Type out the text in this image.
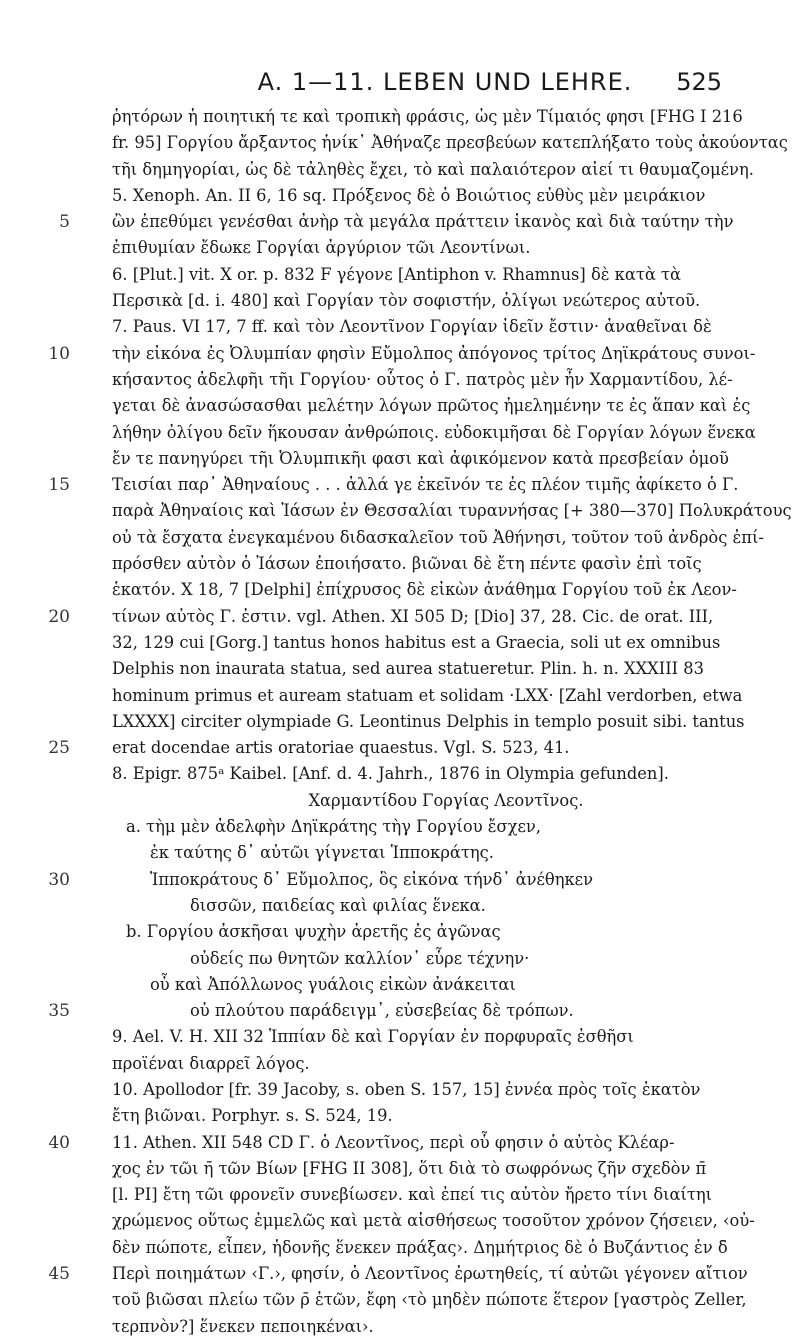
A. 1—11. LEBEN UND LEHRE.	525
ῥητόρων ἡ ποιητική τε καὶ τροπικὴ φράσις, ὡς μὲν Τίμαιός φησι [FHG I 216
fr. 95] Γοργίου ἄρξαντος ἡνίκ᾽ Ἀθήναζε πρεσβεύων κατεπλήξατο τοὺς ἀκούοντας
τῆι δημηγορίαι, ὡς δὲ τἀληθὲς ἔχει, τὸ καὶ παλαιότερον αἰεί τι θαυμαζομένη.
5. Xenoph. An. II 6, 16 sq. Πρόξενος δὲ ὁ Βοιώτιος εὐθὺς μὲν μειράκιον
5	ὢν ἐπεθύμει γενέσθαι ἀνὴρ τὰ μεγάλα πράττειν ἱκανὸς καὶ διὰ ταύτην τὴν
ἐπιθυμίαν ἔδωκε Γοργίαι ἀργύριον τῶι Λεοντίνωι.
6. [Plut.] vit. X or. p. 832 F γέγονε [Antiphon v. Rhamnus] δὲ κατὰ τὰ
Περσικὰ [d. i. 480] καὶ Γοργίαν τὸν σοφιστήν, ὀλίγωι νεώτερος αὐτοῦ.
7. Paus. VI 17, 7 ff. καὶ τὸν Λεοντῖνον Γοργίαν ἰδεῖν ἔστιν· ἀναθεῖναι δὲ
10	τὴν εἰκόνα ἐς Ὀλυμπίαν φησὶν Εὔμολπος ἀπόγονος τρίτος Δηϊκράτους συνοι-
κήσαντος ἀδελφῆι τῆι Γοργίου· οὗτος ὁ Γ. πατρὸς μὲν ἦν Χαρμαντίδου, λέ-
γεται δὲ ἀνασώσασθαι μελέτην λόγων πρῶτος ἠμελημένην τε ἐς ἅπαν καὶ ἐς
λήθην ὀλίγου δεῖν ἥκουσαν ἀνθρώποις. εὐδοκιμῆσαι δὲ Γοργίαν λόγων ἕνεκα
ἔν τε πανηγύρει τῆι Ὀλυμπικῆι φασι καὶ ἀφικόμενον κατὰ πρεσβείαν ὁμοῦ
15	Τεισίαι παρ᾽ Ἀθηναίους . . . ἀλλά γε ἐκεῖνόν τε ἐς πλέον τιμῆς ἀφίκετο ὁ Γ.
παρὰ Ἀθηναίοις καὶ Ἰάσων ἐν Θεσσαλίαι τυραννήσας [+ 380—370] Πολυκράτους
οὐ τὰ ἔσχατα ἐνεγκαμένου διδασκαλεῖον τοῦ Ἀθήνησι, τοῦτον τοῦ ἀνδρὸς ἐπί-
πρόσθεν αὐτὸν ὁ Ἰάσων ἐποιήσατο. βιῶναι δὲ ἔτη πέντε φασὶν ἐπὶ τοῖς
ἑκατόν. X 18, 7 [Delphi] ἐπίχρυσος δὲ εἰκὼν ἀνάθημα Γοργίου τοῦ ἐκ Λεον-
20	τίνων αὐτὸς Γ. ἐστιν. vgl. Athen. XI 505 D; [Dio] 37, 28. Cic. de orat. III,
32, 129 cui [Gorg.] tantus honos habitus est a Graecia, soli ut ex omnibus
Delphis non inaurata statua, sed aurea statueretur. Plin. h. n. XXXIII 83
hominum primus et auream statuam et solidam ·LXX· [Zahl verdorben, etwa
LXXXX] circiter olympiade G. Leontinus Delphis in templo posuit sibi. tantus
25	erat docendae artis oratoriae quaestus. Vgl. S. 523, 41.
8. Epigr. 875ᵃ Kaibel. [Anf. d. 4. Jahrh., 1876 in Olympia gefunden].
Χαρμαντίδου Γοργίας Λεοντῖνος.
a. τὴμ μὲν ἀδελφὴν Δηϊκράτης τὴγ Γοργίου ἔσχεν,
ἐκ ταύτης δ᾽ αὐτῶι γίγνεται Ἱπποκράτης.
30	Ἱπποκράτους δ᾽ Εὔμολπος, ὃς εἰκόνα τήνδ᾽ ἀνέθηκεν
δισσῶν, παιδείας καὶ φιλίας ἕνεκα.
b. Γοργίου ἀσκῆσαι ψυχὴν ἀρετῆς ἐς ἀγῶνας
οὐδείς πω θνητῶν καλλίον᾽ εὗρε τέχνην·
οὗ καὶ Ἀπόλλωνος γυάλοις εἰκὼν ἀνάκειται
35	οὐ πλούτου παράδειγμ᾽, εὐσεβείας δὲ τρόπων.
9. Ael. V. H. XII 32 Ἱππίαν δὲ καὶ Γοργίαν ἐν πορφυραῖς ἐσθῆσι
προϊέναι διαρρεῖ λόγος.
10. Apollodor [fr. 39 Jacoby, s. oben S. 157, 15] ἐννέα πρὸς τοῖς ἑκατὸν
ἔτη βιῶναι. Porphyr. s. S. 524, 19.
40	11. Athen. XII 548 CD Γ. ὁ Λεοντῖνος, περὶ οὗ φησιν ὁ αὐτὸς Κλέαρ-
χος ἐν τῶι η̄ τῶν Βίων [FHG II 308], ὅτι διὰ τὸ σωφρόνως ζῆν σχεδὸν π̄
[l. ΡΙ] ἔτη τῶι φρονεῖν συνεβίωσεν. καὶ ἐπεί τις αὐτὸν ἤρετο τίνι διαίτηι
χρώμενος οὕτως ἐμμελῶς καὶ μετὰ αἰσθήσεως τοσοῦτον χρόνον ζήσειεν, ‹οὐ-
δὲν πώποτε, εἶπεν, ἡδονῆς ἕνεκεν πράξας›. Δημήτριος δὲ ὁ Βυζάντιος ἐν δ̄
45	Περὶ ποιημάτων ‹Γ.›, φησίν, ὁ Λεοντῖνος ἐρωτηθείς, τί αὐτῶι γέγονεν αἴτιον
τοῦ βιῶσαι πλείω τῶν ρ̄ ἐτῶν, ἔφη ‹τὸ μηδὲν πώποτε ἕτερον [γαστρὸς Zeller,
τερπνὸν?] ἕνεκεν πεποιηκέναι›.
